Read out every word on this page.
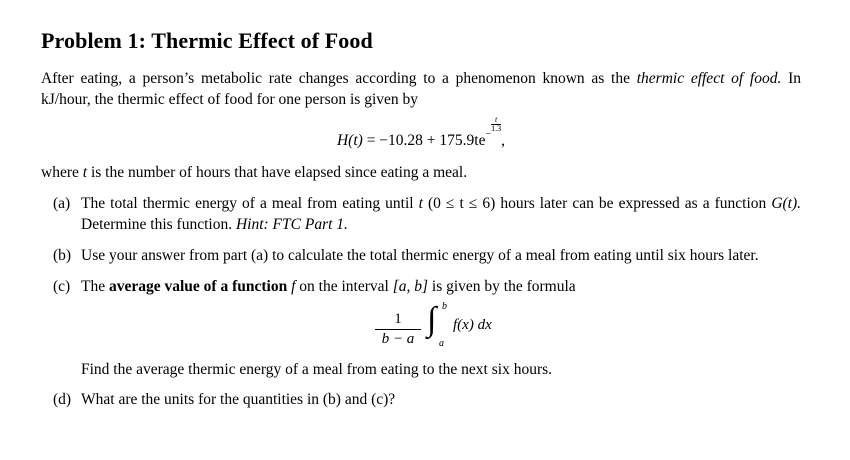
Problem 1: Thermic Effect of Food

After eating, a person’s metabolic rate changes according to a phenomenon known as the thermic effect of food. In kJ/hour, the thermic effect of food for one person is given by

$H(t) = -10.28 + 175.9te^{- \frac{t}{1.3}}$
,

where t is the number of hours that have elapsed since eating a meal.

(a) The total thermic energy of a meal from eating until t (0 ≤ t ≤ 6) hours later can be expressed as a function G(t). Determine this function. Hint: FTC Part 1.
(b) Use your answer from part (a) to calculate the total thermic energy of a meal from eating until six hours later.
(c) The average value of a function f on the interval [a, b] is given by the formula
$\frac{1}{b - a}$ ∫ b
a
f(x) dx
Find the average thermic energy of a meal from eating to the next six hours.
(d) What are the units for the quantities in (b) and (c)?
